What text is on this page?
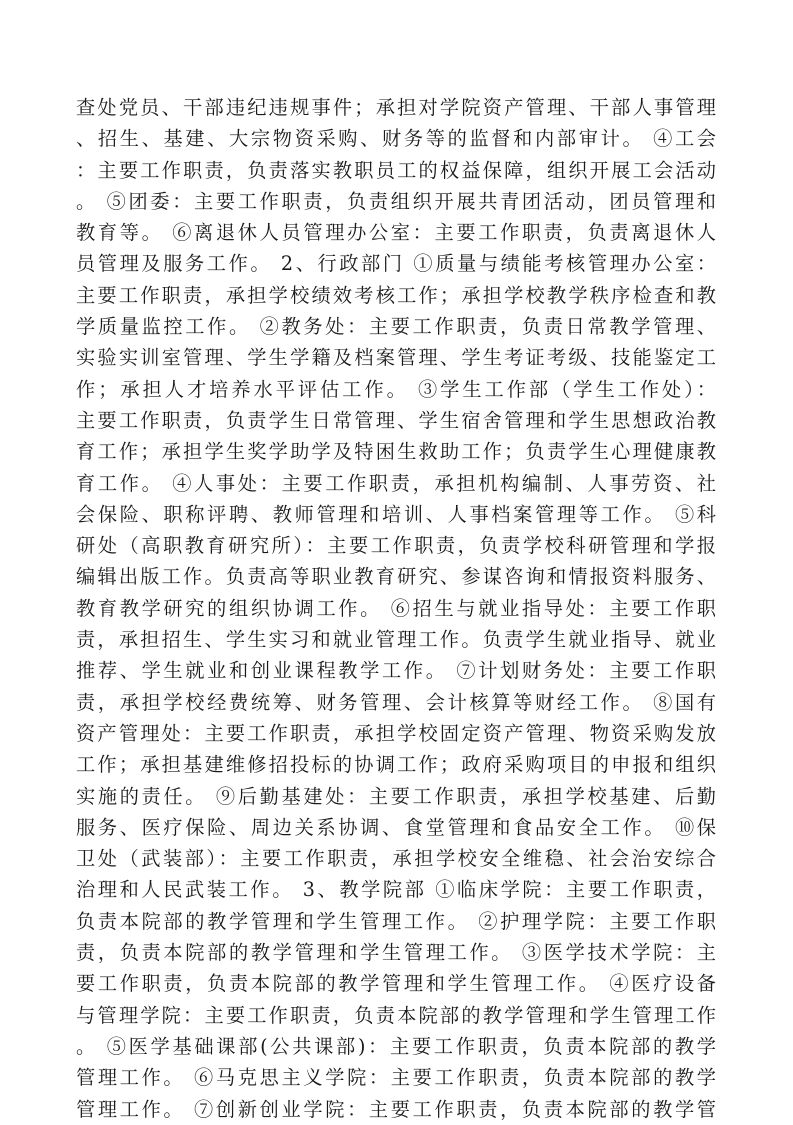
查处党员、干部违纪违规事件；承担对学院资产管理、干部人事管理
、招生、基建、大宗物资采购、财务等的监督和内部审计。 ④工会
：主要工作职责，负责落实教职员工的权益保障，组织开展工会活动
。 ⑤团委：主要工作职责，负责组织开展共青团活动，团员管理和
教育等。 ⑥离退休人员管理办公室：主要工作职责，负责离退休人
员管理及服务工作。 2、行政部门 ①质量与绩能考核管理办公室：
主要工作职责，承担学校绩效考核工作；承担学校教学秩序检查和教
学质量监控工作。 ②教务处：主要工作职责，负责日常教学管理、
实验实训室管理、学生学籍及档案管理、学生考证考级、技能鉴定工
作；承担人才培养水平评估工作。 ③学生工作部（学生工作处）：
主要工作职责，负责学生日常管理、学生宿舍管理和学生思想政治教
育工作；承担学生奖学助学及特困生救助工作；负责学生心理健康教
育工作。 ④人事处：主要工作职责，承担机构编制、人事劳资、社
会保险、职称评聘、教师管理和培训、人事档案管理等工作。 ⑤科
研处（高职教育研究所）：主要工作职责，负责学校科研管理和学报
编辑出版工作。负责高等职业教育研究、参谋咨询和情报资料服务、
教育教学研究的组织协调工作。 ⑥招生与就业指导处：主要工作职
责，承担招生、学生实习和就业管理工作。负责学生就业指导、就业
推荐、学生就业和创业课程教学工作。 ⑦计划财务处：主要工作职
责，承担学校经费统筹、财务管理、会计核算等财经工作。 ⑧国有
资产管理处：主要工作职责，承担学校固定资产管理、物资采购发放
工作；承担基建维修招投标的协调工作；政府采购项目的申报和组织
实施的责任。 ⑨后勤基建处：主要工作职责，承担学校基建、后勤
服务、医疗保险、周边关系协调、食堂管理和食品安全工作。 ⑩保
卫处（武装部）：主要工作职责，承担学校安全维稳、社会治安综合
治理和人民武装工作。 3、教学院部 ①临床学院：主要工作职责，
负责本院部的教学管理和学生管理工作。 ②护理学院：主要工作职
责，负责本院部的教学管理和学生管理工作。 ③医学技术学院：主
要工作职责，负责本院部的教学管理和学生管理工作。 ④医疗设备
与管理学院：主要工作职责，负责本院部的教学管理和学生管理工作
。 ⑤医学基础课部(公共课部)：主要工作职责，负责本院部的教学
管理工作。 ⑥马克思主义学院：主要工作职责，负责本院部的教学
管理工作。 ⑦创新创业学院：主要工作职责，负责本院部的教学管
